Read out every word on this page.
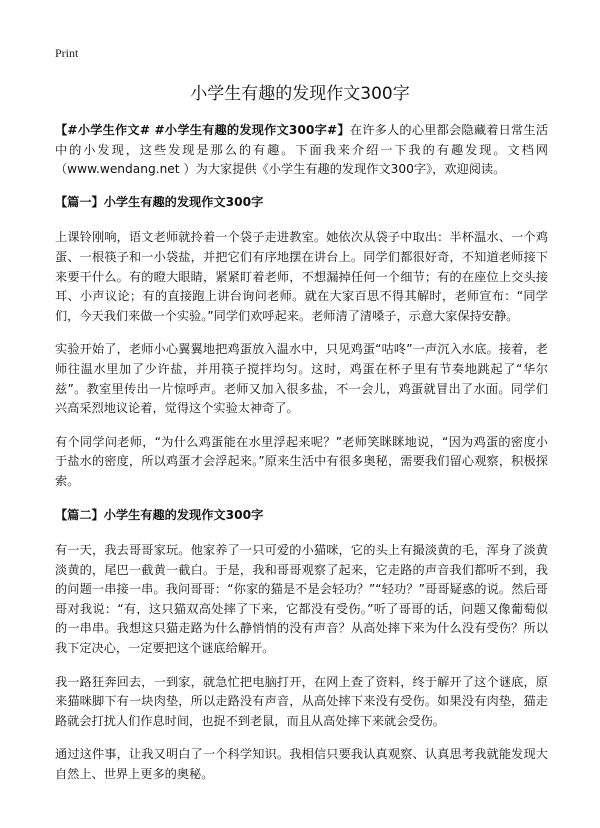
Print
小学生有趣的发现作文300字

【#小学生作文# #小学生有趣的发现作文300字#】在许多人的心里都会隐藏着日常生活中的小发现，这些发现是那么的有趣。下面我来介绍一下我的有趣发现。文档网（www.wendang.net ）为大家提供《小学生有趣的发现作文300字》，欢迎阅读。

【篇一】小学生有趣的发现作文300字

上课铃刚响，语文老师就拎着一个袋子走进教室。她依次从袋子中取出：半杯温水、一个鸡蛋、一根筷子和一小袋盐，并把它们有序地摆在讲台上。同学们都很好奇，不知道老师接下来要干什么。有的瞪大眼睛，紧紧盯着老师，不想漏掉任何一个细节；有的在座位上交头接耳、小声议论；有的直接跑上讲台询问老师。就在大家百思不得其解时，老师宣布：“同学们，今天我们来做一个实验。”同学们欢呼起来。老师清了清嗓子，示意大家保持安静。

实验开始了，老师小心翼翼地把鸡蛋放入温水中，只见鸡蛋“咕咚”一声沉入水底。接着，老师往温水里加了少许盐，并用筷子搅拌均匀。这时，鸡蛋在杯子里有节奏地跳起了“华尔兹”。教室里传出一片惊呼声。老师又加入很多盐，不一会儿，鸡蛋就冒出了水面。同学们兴高采烈地议论着，觉得这个实验太神奇了。

有个同学问老师，“为什么鸡蛋能在水里浮起来呢？”老师笑眯眯地说，“因为鸡蛋的密度小于盐水的密度，所以鸡蛋才会浮起来。”原来生活中有很多奥秘，需要我们留心观察，积极探索。

【篇二】小学生有趣的发现作文300字

有一天，我去哥哥家玩。他家养了一只可爱的小猫咪，它的头上有撮淡黄的毛，浑身了淡黄淡黄的，尾巴一截黄一截白。于是，我和哥哥观察了起来，它走路的声音我们都听不到，我的问题一串接一串。我问哥哥：“你家的猫是不是会轻功？”“轻功？”哥哥疑惑的说。然后哥哥对我说：“有，这只猫双高处摔了下来，它都没有受伤。”听了哥哥的话，问题又像葡萄似的一串串。我想这只猫走路为什么静悄悄的没有声音？从高处摔下来为什么没有受伤？所以我下定决心，一定要把这个谜底给解开。

我一路狂奔回去，一到家，就急忙把电脑打开，在网上查了资料，终于解开了这个谜底，原来猫咪脚下有一块肉垫，所以走路没有声音，从高处摔下来没有受伤。如果没有肉垫，猫走路就会打扰人们作息时间，也捉不到老鼠，而且从高处摔下来就会受伤。

通过这件事，让我又明白了一个科学知识。我相信只要我认真观察、认真思考我就能发现大自然上、世界上更多的奥秘。
